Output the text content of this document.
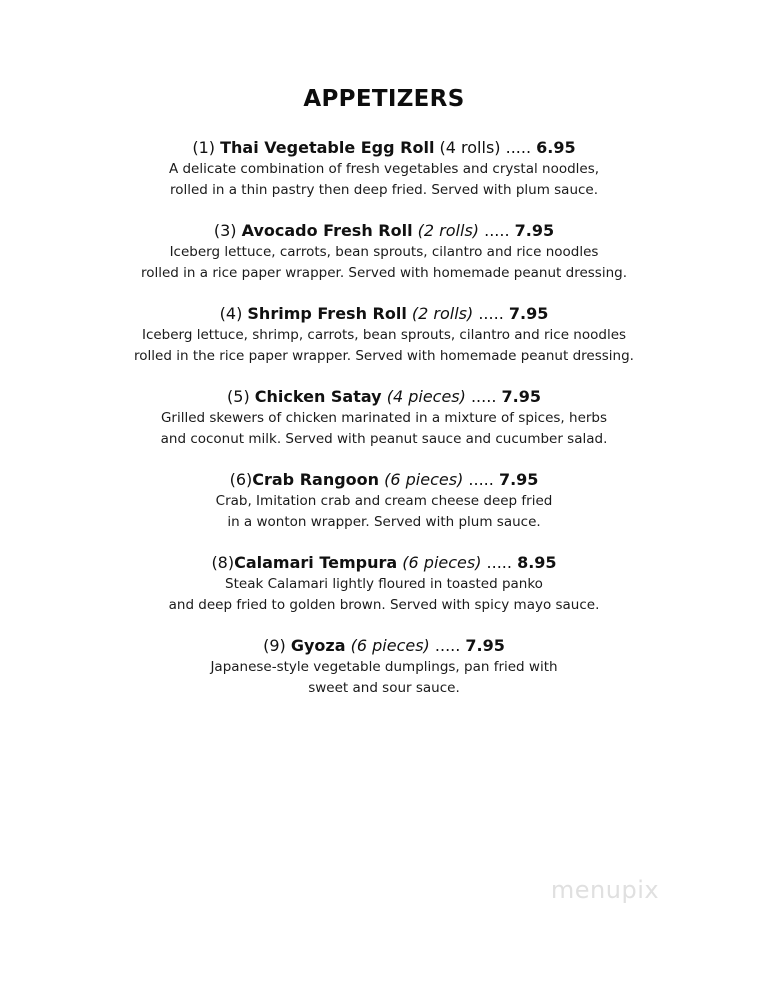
APPETIZERS
(1) Thai Vegetable Egg Roll (4 rolls) ..... 6.95
A delicate combination of fresh vegetables and crystal noodles,
rolled in a thin pastry then deep fried. Served with plum sauce.
(3) Avocado Fresh Roll (2 rolls) ..... 7.95
Iceberg lettuce, carrots, bean sprouts, cilantro and rice noodles
rolled in a rice paper wrapper. Served with homemade peanut dressing.
(4) Shrimp Fresh Roll (2 rolls) ..... 7.95
Iceberg lettuce, shrimp, carrots, bean sprouts, cilantro and rice noodles
rolled in the rice paper wrapper. Served with homemade peanut dressing.
(5) Chicken Satay (4 pieces) ..... 7.95
Grilled skewers of chicken marinated in a mixture of spices, herbs
and coconut milk. Served with peanut sauce and cucumber salad.
(6)Crab Rangoon (6 pieces) ..... 7.95
Crab, Imitation crab and cream cheese deep fried
in a wonton wrapper. Served with plum sauce.
(8)Calamari Tempura (6 pieces) ..... 8.95
Steak Calamari lightly floured in toasted panko
and deep fried to golden brown. Served with spicy mayo sauce.
(9) Gyoza (6 pieces) ..... 7.95
Japanese-style vegetable dumplings, pan fried with
sweet and sour sauce.
menupix
